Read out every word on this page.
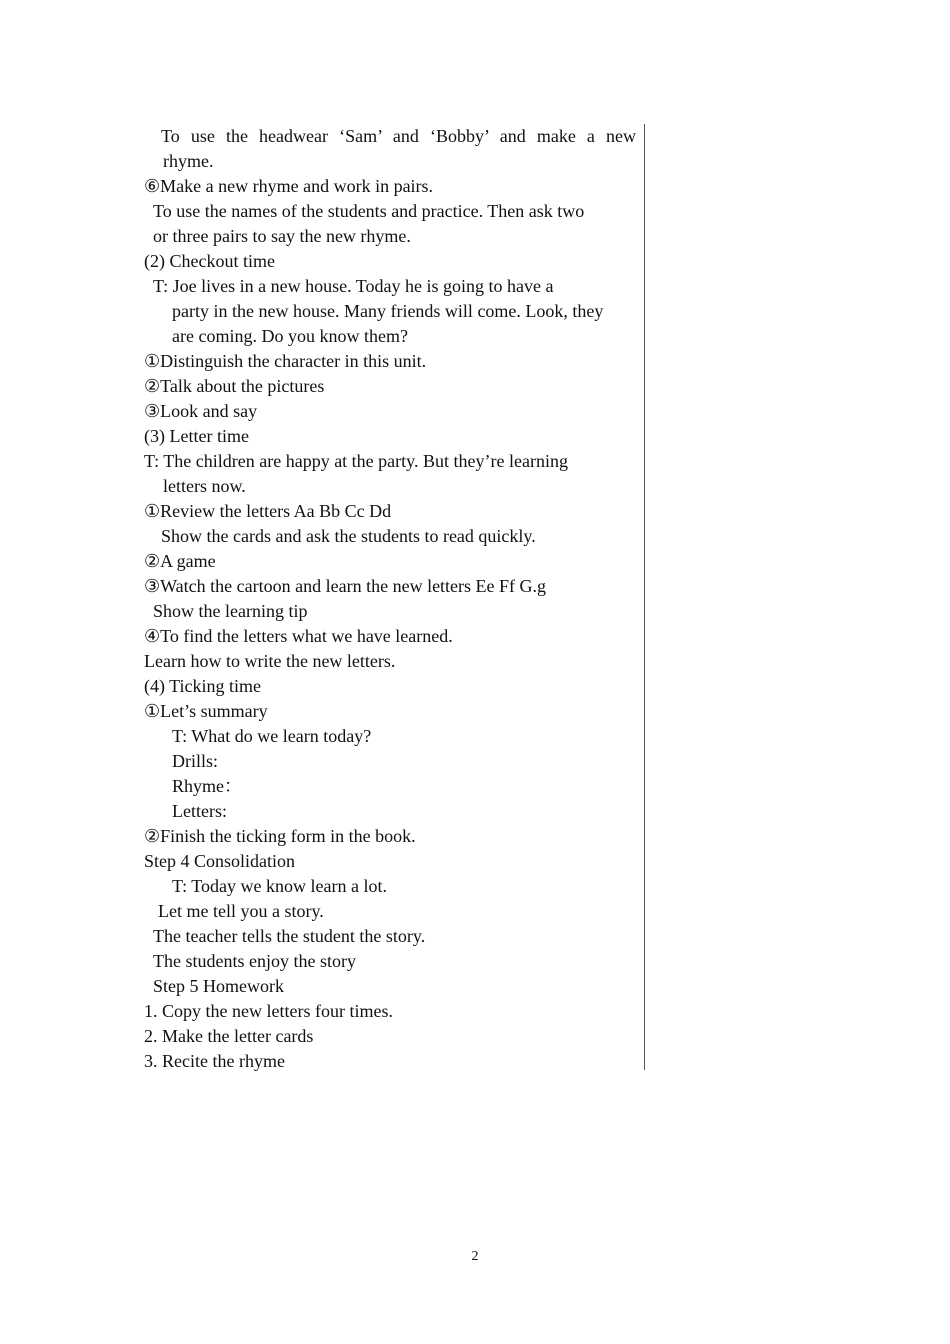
To use the headwear ‘Sam’ and ‘Bobby’ and make a new
rhyme.
⑥Make a new rhyme and work in pairs.
To use the names of the students and practice. Then ask two
or three pairs to say the new rhyme.
(2) Checkout time
T: Joe lives in a new house. Today he is going to have a
party in the new house. Many friends will come. Look, they
are coming. Do you know them?
①Distinguish the character in this unit.
②Talk about the pictures
③Look and say
(3) Letter time
T: The children are happy at the party. But they’re learning
letters now.
①Review the letters Aa Bb Cc Dd
Show the cards and ask the students to read quickly.
②A game
③Watch the cartoon and learn the new letters Ee Ff G.g
Show the learning tip
④To find the letters what we have learned.
Learn how to write the new letters.
(4) Ticking time
①Let’s summary
T: What do we learn today?
Drills:
Rhyme：
Letters:
②Finish the ticking form in the book.
Step 4 Consolidation
T: Today we know learn a lot.
Let me tell you a story.
The teacher tells the student the story.
The students enjoy the story
Step 5 Homework
1. Copy the new letters four times.
2. Make the letter cards
3. Recite the rhyme
2
